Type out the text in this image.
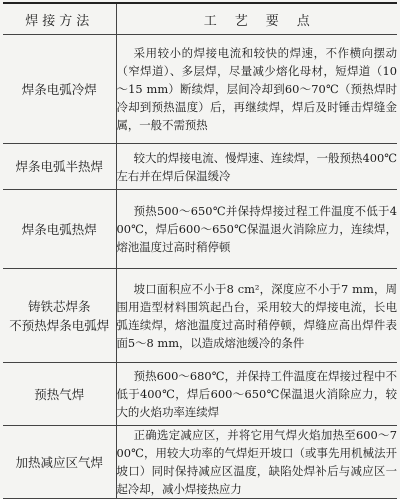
焊接方法	工艺要点
焊条电弧冷焊	采用较小的焊接电流和较快的焊速，不作横向摆动（窄焊道）、多层焊，尽量减少熔化母材，短焊道（10～15 mm）断续焊，层间冷却到60～70℃（预热焊时冷却到预热温度）后，再继续焊，焊后及时锤击焊缝金属，一般不需预热
焊条电弧半热焊	较大的焊接电流、慢焊速、连续焊，一般预热400℃左右并在焊后保温缓冷
焊条电弧热焊	预热500～650℃并保持焊接过程工件温度不低于400℃，焊后600～650℃保温退火消除应力，连续焊，熔池温度过高时稍停顿

铸铁芯焊条
不预热焊条电弧焊	坡口面积应不小于8 cm²，深度应不小于7 mm，周围用造型材料围筑起凸台，采用较大的焊接电流，长电弧连续焊，熔池温度过高时稍停顿，焊缝应高出焊件表面5～8 mm，以造成熔池缓冷的条件
预热气焊	预热600～680℃，并保持工件温度在焊接过程中不低于400℃，焊后600～650℃保温退火消除应力，较大的火焰功率连续焊
加热减应区气焊	正确选定减应区，并将它用气焊火焰加热至600～700℃，用较大功率的气焊炬开坡口（或事先用机械法开坡口）同时保持减应区温度，缺陷处焊补后与减应区一起冷却，减小焊接热应力
